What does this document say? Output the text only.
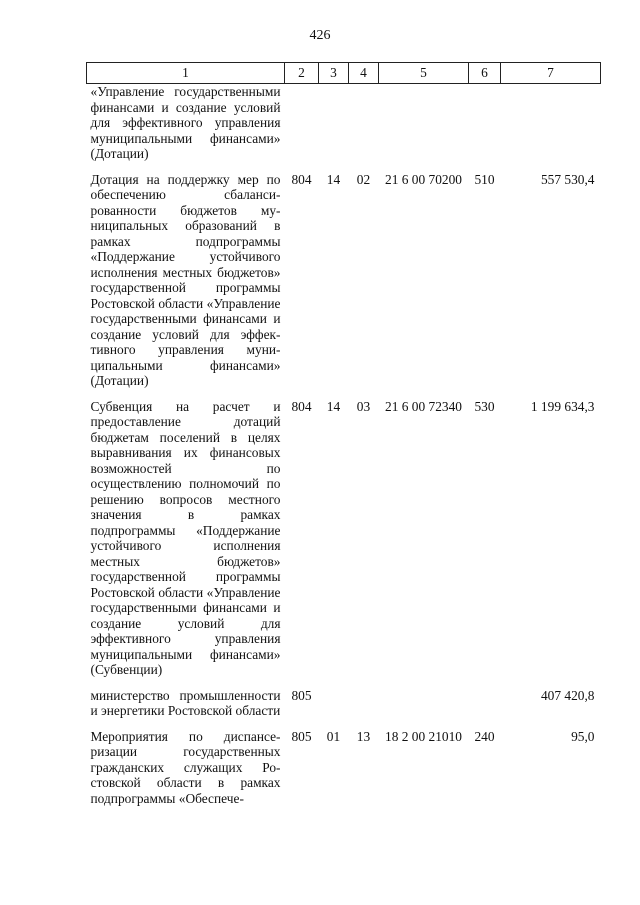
426
1	2	3	4	5	6	7
«Управление государственными финансами и создание условий для эффективного управления муниципальными финансами» (Дотации)						
Дотация на поддержку мер по обеспечению сбалансированности бюджетов муниципальных образований в рамках подпрограммы «Поддержание устойчивого исполнения местных бюджетов» государственной программы Ростовской области «Управление государственными финансами и создание условий для эффективного управления муниципальными финансами» (Дотации)	804	14	02	21 6 00 70200	510	557 530,4
Субвенция на расчет и предоставление дотаций бюджетам поселений в целях выравнивания их финансовых возможностей по осуществлению полномочий по решению вопросов местного значения в рамках подпрограммы «Поддержание устойчивого исполнения местных бюджетов» государственной программы Ростовской области «Управление государственными финансами и создание условий для эффективного управления муниципальными финансами» (Субвенции)	804	14	03	21 6 00 72340	530	1 199 634,3
министерство промышленности и энергетики Ростовской области	805					407 420,8
Мероприятия по диспансеризации государственных гражданских служащих Ростовской области в рамках подпрограммы «Обеспече-	805	01	13	18 2 00 21010	240	95,0
